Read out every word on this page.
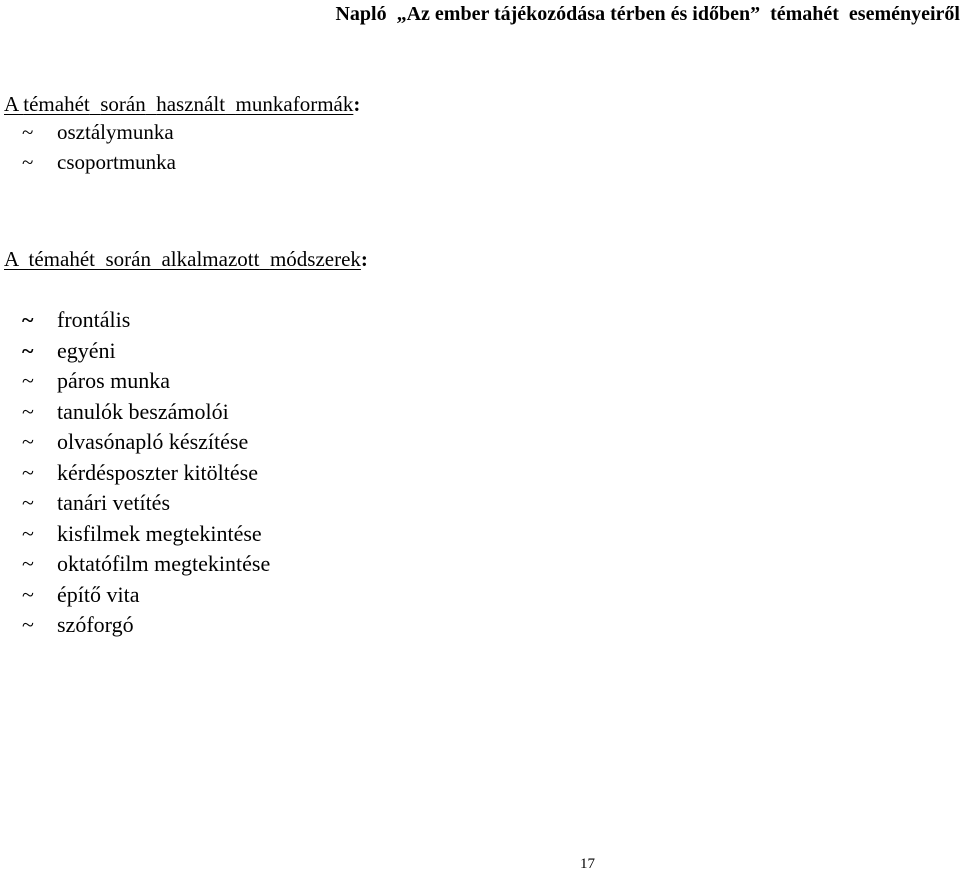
Napló  „Az ember tájékozódása térben és időben”  témahét  eseményeiről
A témahét során használt munkaformák:
~	osztálymunka
~	csoportmunka
A témahét során alkalmazott módszerek:
~	frontális
~	egyéni
~	páros munka
~	tanulók beszámolói
~	olvasónapló készítése
~	kérdésposzter kitöltése
~	tanári vetítés
~	kisfilmek megtekintése
~	oktatófilm megtekintése
~	építő vita
~	szóforgó
17
